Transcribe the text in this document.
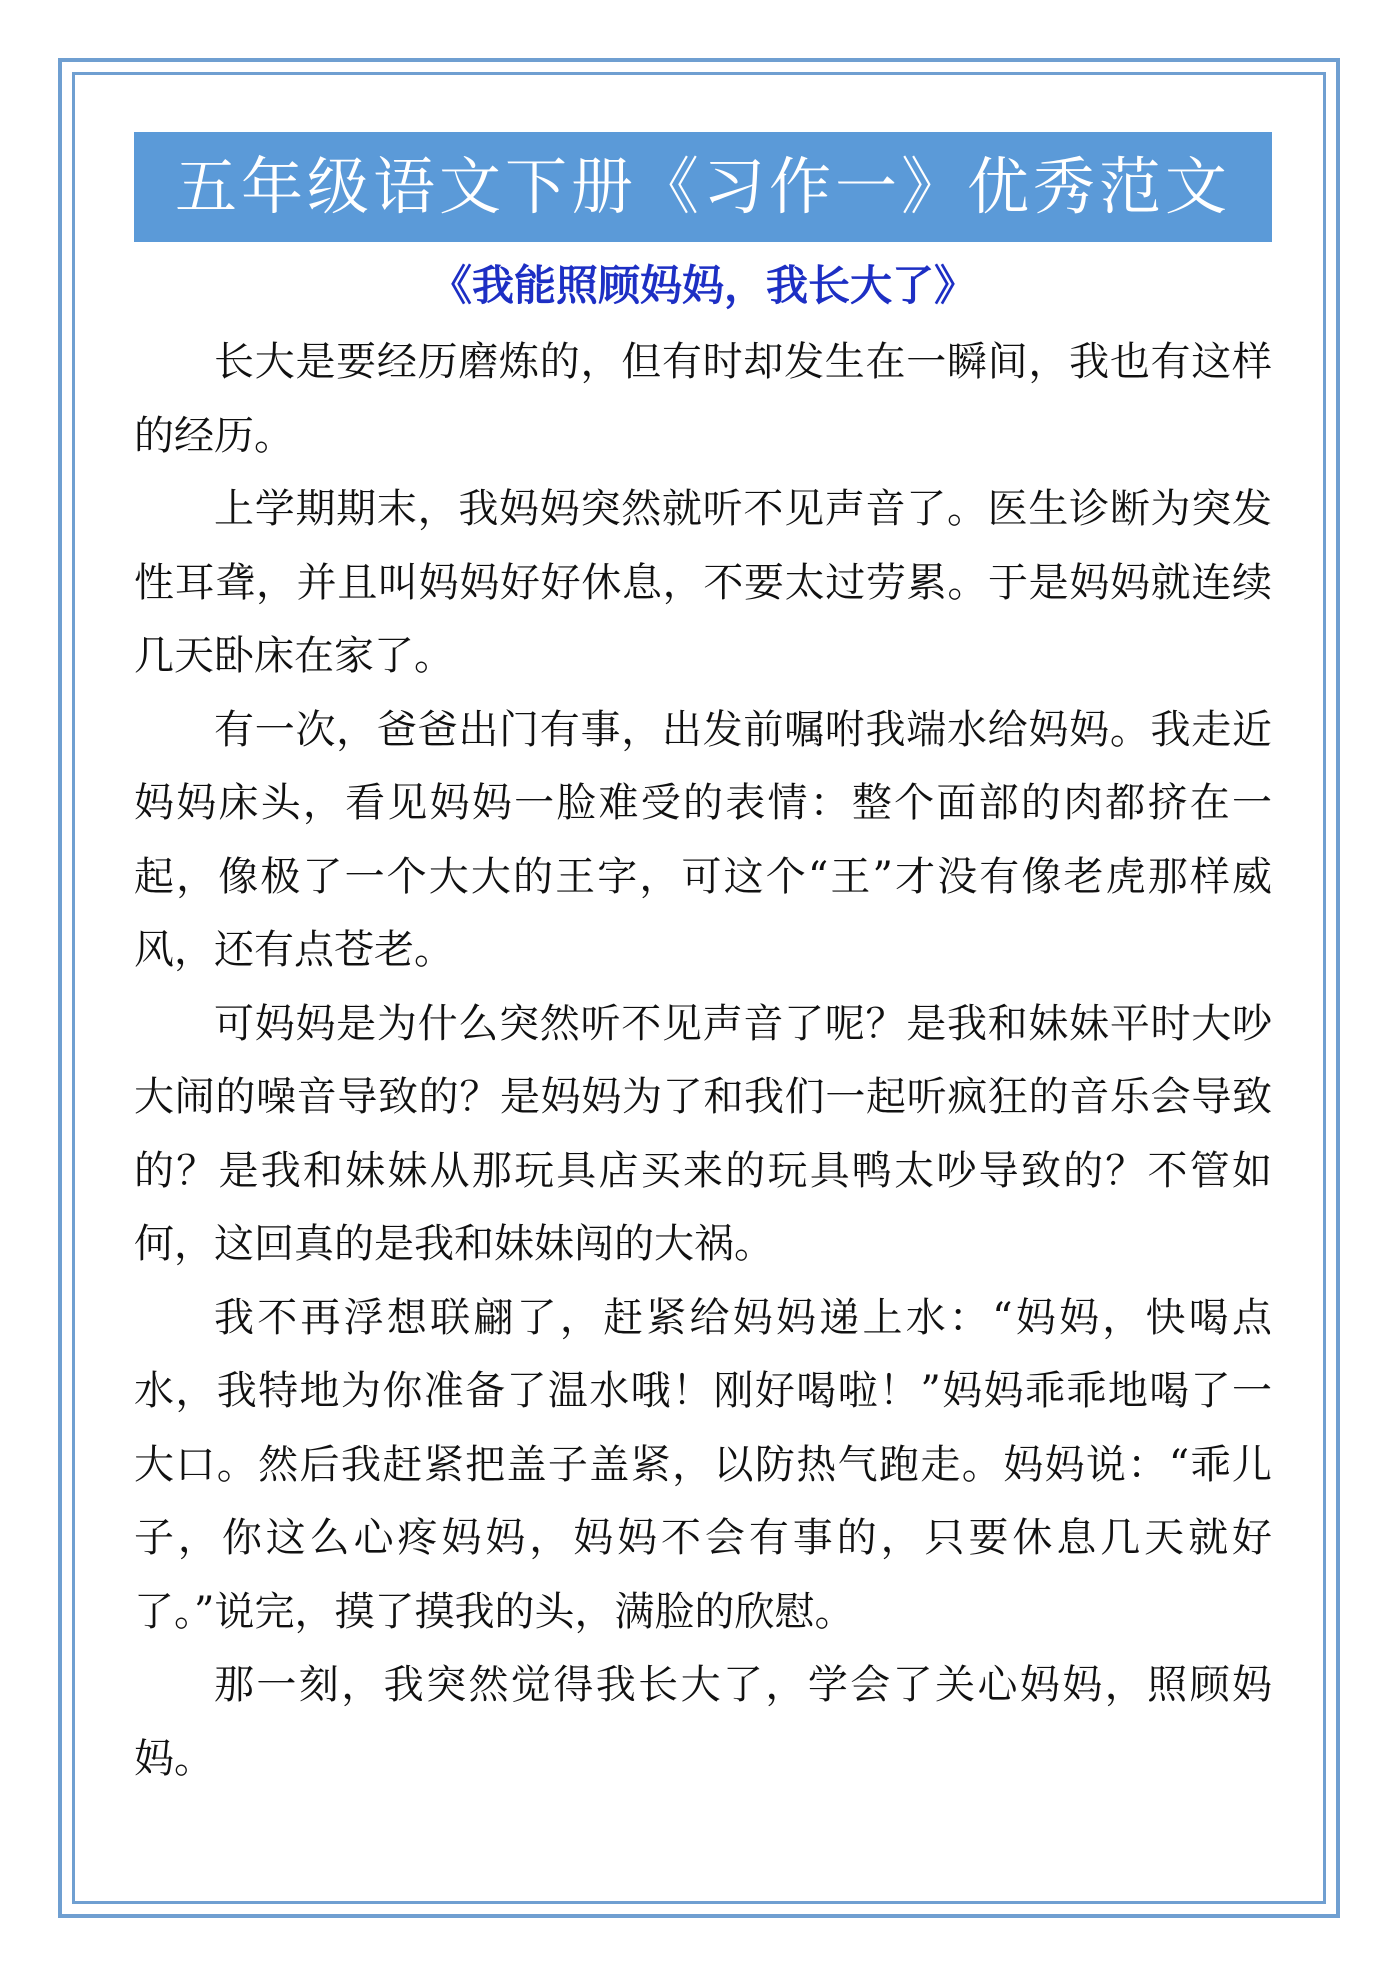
五年级语文下册《习作一》优秀范文
《我能照顾妈妈，我长大了》

长大是要经历磨炼的，但有时却发生在一瞬间，我也有这样的经历。

上学期期末，我妈妈突然就听不见声音了。医生诊断为突发性耳聋，并且叫妈妈好好休息，不要太过劳累。于是妈妈就连续几天卧床在家了。

有一次，爸爸出门有事，出发前嘱咐我端水给妈妈。我走近妈妈床头，看见妈妈一脸难受的表情：整个面部的肉都挤在一起，像极了一个大大的王字，可这个“王”才没有像老虎那样威风，还有点苍老。

可妈妈是为什么突然听不见声音了呢？是我和妹妹平时大吵大闹的噪音导致的？是妈妈为了和我们一起听疯狂的音乐会导致的？是我和妹妹从那玩具店买来的玩具鸭太吵导致的？不管如何，这回真的是我和妹妹闯的大祸。

我不再浮想联翩了，赶紧给妈妈递上水：“妈妈，快喝点水，我特地为你准备了温水哦！刚好喝啦！”妈妈乖乖地喝了一大口。然后我赶紧把盖子盖紧，以防热气跑走。妈妈说：“乖儿子，你这么心疼妈妈，妈妈不会有事的，只要休息几天就好了。”说完，摸了摸我的头，满脸的欣慰。

那一刻，我突然觉得我长大了，学会了关心妈妈，照顾妈妈。
